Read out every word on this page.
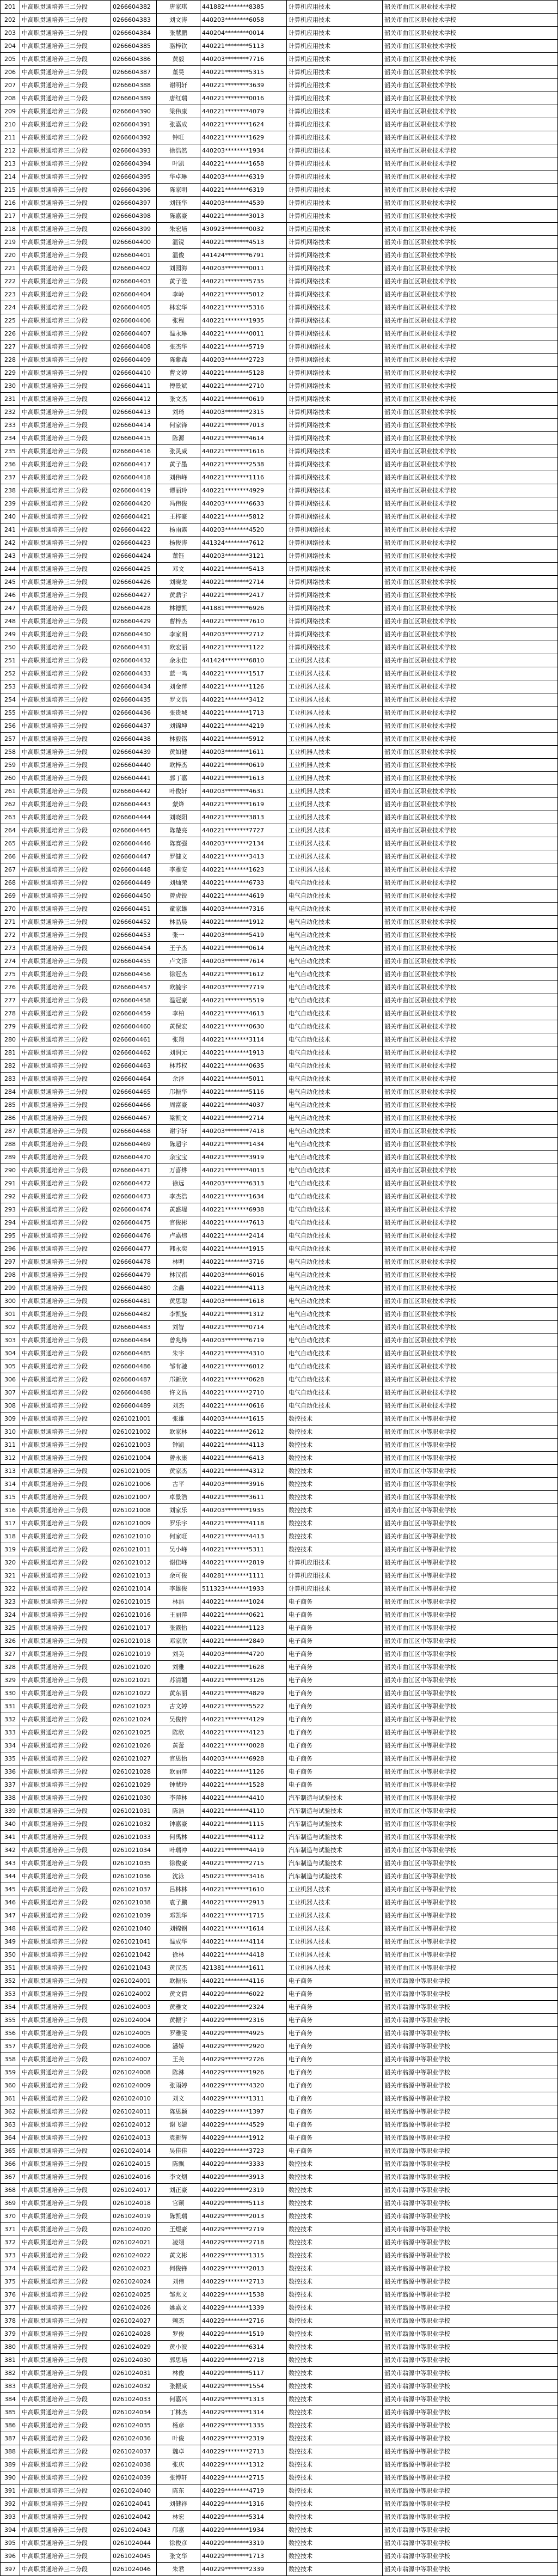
201	中高职贯通培养三二分段	0266604382	唐家琪	441882********8385	计算机应用技术	韶关市曲江区职业技术学校
202	中高职贯通培养三二分段	0266604383	刘文涛	440203********6058	计算机应用技术	韶关市曲江区职业技术学校
203	中高职贯通培养三二分段	0266604384	张慧鹏	440204********0014	计算机应用技术	韶关市曲江区职业技术学校
204	中高职贯通培养三二分段	0266604385	骆梓钦	440221********5113	计算机应用技术	韶关市曲江区职业技术学校
205	中高职贯通培养三二分段	0266604386	黄毅	440203********7716	计算机应用技术	韶关市曲江区职业技术学校
206	中高职贯通培养三二分段	0266604387	董昊	440221********5315	计算机应用技术	韶关市曲江区职业技术学校
207	中高职贯通培养三二分段	0266604388	谢明轩	440221********3639	计算机应用技术	韶关市曲江区职业技术学校
208	中高职贯通培养三二分段	0266604389	唐红瑞	440221********0016	计算机应用技术	韶关市曲江区职业技术学校
209	中高职贯通培养三二分段	0266604390	梁伟康	440221********4079	计算机应用技术	韶关市曲江区职业技术学校
210	中高职贯通培养三二分段	0266604391	张嘉成	440221********1624	计算机应用技术	韶关市曲江区职业技术学校
211	中高职贯通培养三二分段	0266604392	钟旺	440221********1629	计算机应用技术	韶关市曲江区职业技术学校
212	中高职贯通培养三二分段	0266604393	徐浩然	440203********1934	计算机应用技术	韶关市曲江区职业技术学校
213	中高职贯通培养三二分段	0266604394	叶凯	440221********1658	计算机应用技术	韶关市曲江区职业技术学校
214	中高职贯通培养三二分段	0266604395	华卓琳	440203********6319	计算机应用技术	韶关市曲江区职业技术学校
215	中高职贯通培养三二分段	0266604396	陈家明	440221********6319	计算机应用技术	韶关市曲江区职业技术学校
216	中高职贯通培养三二分段	0266604397	刘钰华	440203********4539	计算机应用技术	韶关市曲江区职业技术学校
217	中高职贯通培养三二分段	0266604398	陈嘉豪	440221********3013	计算机应用技术	韶关市曲江区职业技术学校
218	中高职贯通培养三二分段	0266604399	朱宏培	430923********0032	计算机应用技术	韶关市曲江区职业技术学校
219	中高职贯通培养三二分段	0266604400	温锐	440221********4513	计算机网络技术	韶关市曲江区职业技术学校
220	中高职贯通培养三二分段	0266604401	温俊	441424********6791	计算机网络技术	韶关市曲江区职业技术学校
221	中高职贯通培养三二分段	0266604402	刘园海	440203********0011	计算机网络技术	韶关市曲江区职业技术学校
222	中高职贯通培养三二分段	0266604403	黄子澄	440221********5735	计算机网络技术	韶关市曲江区职业技术学校
223	中高职贯通培养三二分段	0266604404	李岭	440221********5012	计算机网络技术	韶关市曲江区职业技术学校
224	中高职贯通培养三二分段	0266604405	林宏华	440221********5316	计算机网络技术	韶关市曲江区职业技术学校
225	中高职贯通培养三二分段	0266604406	张程	440221********1935	计算机网络技术	韶关市曲江区职业技术学校
226	中高职贯通培养三二分段	0266604407	温永琳	440221********0011	计算机网络技术	韶关市曲江区职业技术学校
227	中高职贯通培养三二分段	0266604408	张杰华	440221********5719	计算机网络技术	韶关市曲江区职业技术学校
228	中高职贯通培养三二分段	0266604409	陈紫森	440203********2723	计算机网络技术	韶关市曲江区职业技术学校
229	中高职贯通培养三二分段	0266604410	曹文婷	440221********5128	计算机网络技术	韶关市曲江区职业技术学校
230	中高职贯通培养三二分段	0266604411	傅景斌	440221********2710	计算机网络技术	韶关市曲江区职业技术学校
231	中高职贯通培养三二分段	0266604412	张文杰	440221********0619	计算机网络技术	韶关市曲江区职业技术学校
232	中高职贯通培养三二分段	0266604413	刘琦	440203********2315	计算机网络技术	韶关市曲江区职业技术学校
233	中高职贯通培养三二分段	0266604414	何家锋	440221********7013	计算机网络技术	韶关市曲江区职业技术学校
234	中高职贯通培养三二分段	0266604415	陈源	440221********4614	计算机网络技术	韶关市曲江区职业技术学校
235	中高职贯通培养三二分段	0266604416	张灵威	440221********1616	计算机网络技术	韶关市曲江区职业技术学校
236	中高职贯通培养三二分段	0266604417	黄子墨	440221********2538	计算机网络技术	韶关市曲江区职业技术学校
237	中高职贯通培养三二分段	0266604418	刘伟峰	440221********1116	计算机网络技术	韶关市曲江区职业技术学校
238	中高职贯通培养三二分段	0266604419	谭丽玲	440221********4929	计算机网络技术	韶关市曲江区职业技术学校
239	中高职贯通培养三二分段	0266604420	冯伟俊	440203********6633	计算机网络技术	韶关市曲江区职业技术学校
240	中高职贯通培养三二分段	0266604421	王梓豪	440221********5812	计算机网络技术	韶关市曲江区职业技术学校
241	中高职贯通培养三二分段	0266604422	杨雨露	440203********4520	计算机网络技术	韶关市曲江区职业技术学校
242	中高职贯通培养三二分段	0266604423	杨俊涛	441324********7612	计算机网络技术	韶关市曲江区职业技术学校
243	中高职贯通培养三二分段	0266604424	董钰	440203********3121	计算机网络技术	韶关市曲江区职业技术学校
244	中高职贯通培养三二分段	0266604425	邓文	440221********5413	计算机网络技术	韶关市曲江区职业技术学校
245	中高职贯通培养三二分段	0266604426	刘晓龙	440221********2714	计算机网络技术	韶关市曲江区职业技术学校
246	中高职贯通培养三二分段	0266604427	黄鼎宇	440221********2417	计算机网络技术	韶关市曲江区职业技术学校
247	中高职贯通培养三二分段	0266604428	林德凯	441881********6926	计算机网络技术	韶关市曲江区职业技术学校
248	中高职贯通培养三二分段	0266604429	曹梓杰	440221********7610	计算机网络技术	韶关市曲江区职业技术学校
249	中高职贯通培养三二分段	0266604430	李家朗	440203********2712	计算机网络技术	韶关市曲江区职业技术学校
250	中高职贯通培养三二分段	0266604431	欧宏丽	440221********1122	计算机网络技术	韶关市曲江区职业技术学校
251	中高职贯通培养三二分段	0266604432	余永佳	441424********6810	工业机器人技术	韶关市曲江区职业技术学校
252	中高职贯通培养三二分段	0266604433	蓝一鸣	440221********1517	工业机器人技术	韶关市曲江区职业技术学校
253	中高职贯通培养三二分段	0266604434	刘金萍	440221********1126	工业机器人技术	韶关市曲江区职业技术学校
254	中高职贯通培养三二分段	0266604435	罗文浩	440221********3412	工业机器人技术	韶关市曲江区职业技术学校
255	中高职贯通培养三二分段	0266604436	张贵城	440221********1713	工业机器人技术	韶关市曲江区职业技术学校
256	中高职贯通培养三二分段	0266604437	刘锦坤	440221********4219	工业机器人技术	韶关市曲江区职业技术学校
257	中高职贯通培养三二分段	0266604438	林毅铭	440221********5912	工业机器人技术	韶关市曲江区职业技术学校
258	中高职贯通培养三二分段	0266604439	黄如健	440203********1611	工业机器人技术	韶关市曲江区职业技术学校
259	中高职贯通培养三二分段	0266604440	欧梓杰	440221********0619	工业机器人技术	韶关市曲江区职业技术学校
260	中高职贯通培养三二分段	0266604441	郭丁嘉	440221********1613	工业机器人技术	韶关市曲江区职业技术学校
261	中高职贯通培养三二分段	0266604442	叶俊轩	440203********4631	工业机器人技术	韶关市曲江区职业技术学校
262	中高职贯通培养三二分段	0266604443	蒙烽	440221********1619	工业机器人技术	韶关市曲江区职业技术学校
263	中高职贯通培养三二分段	0266604444	刘晓阳	440221********3813	工业机器人技术	韶关市曲江区职业技术学校
264	中高职贯通培养三二分段	0266604445	陈楚亮	440221********7727	工业机器人技术	韶关市曲江区职业技术学校
265	中高职贯通培养三二分段	0266604446	陈赛强	440203********2134	工业机器人技术	韶关市曲江区职业技术学校
266	中高职贯通培养三二分段	0266604447	罗健文	440221********3413	工业机器人技术	韶关市曲江区职业技术学校
267	中高职贯通培养三二分段	0266604448	李雅安	440221********1623	工业机器人技术	韶关市曲江区职业技术学校
268	中高职贯通培养三二分段	0266604449	刘灿荣	440221********6733	电气自动化技术	韶关市曲江区职业技术学校
269	中高职贯通培养三二分段	0266604450	曾虎锐	440221********4619	电气自动化技术	韶关市曲江区职业技术学校
270	中高职贯通培养三二分段	0266604451	童家雄	440203********7316	电气自动化技术	韶关市曲江区职业技术学校
271	中高职贯通培养三二分段	0266604452	林晶晨	440221********1912	电气自动化技术	韶关市曲江区职业技术学校
272	中高职贯通培养三二分段	0266604453	张一	440203********5419	电气自动化技术	韶关市曲江区职业技术学校
273	中高职贯通培养三二分段	0266604454	王子杰	440221********0614	电气自动化技术	韶关市曲江区职业技术学校
274	中高职贯通培养三二分段	0266604455	卢文泽	440203********7614	电气自动化技术	韶关市曲江区职业技术学校
275	中高职贯通培养三二分段	0266604456	徐冠杰	440221********1612	电气自动化技术	韶关市曲江区职业技术学校
276	中高职贯通培养三二分段	0266604457	欧毓宇	440203********7719	电气自动化技术	韶关市曲江区职业技术学校
277	中高职贯通培养三二分段	0266604458	温冠豪	440221********5519	电气自动化技术	韶关市曲江区职业技术学校
278	中高职贯通培养三二分段	0266604459	李柏	440221********4613	电气自动化技术	韶关市曲江区职业技术学校
279	中高职贯通培养三二分段	0266604460	黄保宏	440221********0630	电气自动化技术	韶关市曲江区职业技术学校
280	中高职贯通培养三二分段	0266604461	张翔	440221********3114	电气自动化技术	韶关市曲江区职业技术学校
281	中高职贯通培养三二分段	0266604462	刘润元	440221********1913	电气自动化技术	韶关市曲江区职业技术学校
282	中高职贯通培养三二分段	0266604463	林苏权	440221********0635	电气自动化技术	韶关市曲江区职业技术学校
283	中高职贯通培养三二分段	0266604464	余泽	440221********5011	电气自动化技术	韶关市曲江区职业技术学校
284	中高职贯通培养三二分段	0266604465	邝振华	440221********5116	电气自动化技术	韶关市曲江区职业技术学校
285	中高职贯通培养三二分段	0266604466	周富豪	440221********4037	电气自动化技术	韶关市曲江区职业技术学校
286	中高职贯通培养三二分段	0266604467	梁凯文	440221********2714	电气自动化技术	韶关市曲江区职业技术学校
287	中高职贯通培养三二分段	0266604468	谢宇轩	440203********7418	电气自动化技术	韶关市曲江区职业技术学校
288	中高职贯通培养三二分段	0266604469	陈超宇	440221********1434	电气自动化技术	韶关市曲江区职业技术学校
289	中高职贯通培养三二分段	0266604470	余宝宝	440221********3919	电气自动化技术	韶关市曲江区职业技术学校
290	中高职贯通培养三二分段	0266604471	万喜烨	440221********4013	电气自动化技术	韶关市曲江区职业技术学校
291	中高职贯通培养三二分段	0266604472	徐远	440203********6313	电气自动化技术	韶关市曲江区职业技术学校
292	中高职贯通培养三二分段	0266604473	李杰浩	440221********1634	电气自动化技术	韶关市曲江区职业技术学校
293	中高职贯通培养三二分段	0266604474	黄盛堤	440221********6938	电气自动化技术	韶关市曲江区职业技术学校
294	中高职贯通培养三二分段	0266604475	官俊彬	440221********7613	电气自动化技术	韶关市曲江区职业技术学校
295	中高职贯通培养三二分段	0266604476	卢嘉炜	440221********2414	电气自动化技术	韶关市曲江区职业技术学校
296	中高职贯通培养三二分段	0266604477	韩永奕	440221********1915	电气自动化技术	韶关市曲江区职业技术学校
297	中高职贯通培养三二分段	0266604478	林明	440221********3716	电气自动化技术	韶关市曲江区职业技术学校
298	中高职贯通培养三二分段	0266604479	林汉祺	440203********6016	电气自动化技术	韶关市曲江区职业技术学校
299	中高职贯通培养三二分段	0266604480	余鑫	440221********4113	电气自动化技术	韶关市曲江区职业技术学校
300	中高职贯通培养三二分段	0266604481	黄思聪	440203********1618	电气自动化技术	韶关市曲江区职业技术学校
301	中高职贯通培养三二分段	0266604482	李凯旋	440221********1312	电气自动化技术	韶关市曲江区职业技术学校
302	中高职贯通培养三二分段	0266604483	刘智	440221********0714	电气自动化技术	韶关市曲江区职业技术学校
303	中高职贯通培养三二分段	0266604484	曾兆烽	440203********6719	电气自动化技术	韶关市曲江区职业技术学校
304	中高职贯通培养三二分段	0266604485	朱宇	440221********4310	电气自动化技术	韶关市曲江区职业技术学校
305	中高职贯通培养三二分段	0266604486	邹有驰	440221********6012	电气自动化技术	韶关市曲江区职业技术学校
306	中高职贯通培养三二分段	0266604487	邝新欣	440221********0628	电气自动化技术	韶关市曲江区职业技术学校
307	中高职贯通培养三二分段	0266604488	许文昌	440221********2710	电气自动化技术	韶关市曲江区职业技术学校
308	中高职贯通培养三二分段	0266604489	刘杰	440221********0616	电气自动化技术	韶关市曲江区职业技术学校
309	中高职贯通培养三二分段	0261021001	张雄	440203********1615	数控技术	韶关市曲江区中等职业学校
310	中高职贯通培养三二分段	0261021002	欧家林	440221********2612	数控技术	韶关市曲江区中等职业学校
311	中高职贯通培养三二分段	0261021003	钟凯	440221********4113	数控技术	韶关市曲江区中等职业学校
312	中高职贯通培养三二分段	0261021004	曾永康	440221********6413	数控技术	韶关市曲江区中等职业学校
313	中高职贯通培养三二分段	0261021005	黄家杰	440221********4312	数控技术	韶关市曲江区中等职业学校
314	中高职贯通培养三二分段	0261021006	古平	440203********3916	数控技术	韶关市曲江区中等职业学校
315	中高职贯通培养三二分段	0261021007	卓景浩	440221********3611	数控技术	韶关市曲江区中等职业学校
316	中高职贯通培养三二分段	0261021008	刘家乐	440203********1935	数控技术	韶关市曲江区中等职业学校
317	中高职贯通培养三二分段	0261021009	罗乐宇	440221********4118	数控技术	韶关市曲江区中等职业学校
318	中高职贯通培养三二分段	0261021010	何家旺	440221********4413	数控技术	韶关市曲江区中等职业学校
319	中高职贯通培养三二分段	0261021011	吴小峰	440221********5311	数控技术	韶关市曲江区中等职业学校
320	中高职贯通培养三二分段	0261021012	谢佳峰	440221********2819	计算机应用技术	韶关市曲江区中等职业学校
321	中高职贯通培养三二分段	0261021013	余可俊	440281********1111	计算机应用技术	韶关市曲江区中等职业学校
322	中高职贯通培养三二分段	0261021014	李雄俊	511323********1933	计算机应用技术	韶关市曲江区中等职业学校
323	中高职贯通培养三二分段	0261021015	林浩	440221********1024	电子商务	韶关市曲江区中等职业学校
324	中高职贯通培养三二分段	0261021016	王丽萍	440221********0621	电子商务	韶关市曲江区中等职业学校
325	中高职贯通培养三二分段	0261021017	张露怡	440221********1123	电子商务	韶关市曲江区中等职业学校
326	中高职贯通培养三二分段	0261021018	邓家欣	440221********2849	电子商务	韶关市曲江区中等职业学校
327	中高职贯通培养三二分段	0261021019	刘美	440203********4720	电子商务	韶关市曲江区中等职业学校
328	中高职贯通培养三二分段	0261021020	刘雅	440221********1628	电子商务	韶关市曲江区中等职业学校
329	中高职贯通培养三二分段	0261021021	苏清媚	440221********3126	电子商务	韶关市曲江区中等职业学校
330	中高职贯通培养三二分段	0261021022	黄东丽	440221********4829	电子商务	韶关市曲江区中等职业学校
331	中高职贯通培养三二分段	0261021023	古文婷	440221********5522	电子商务	韶关市曲江区中等职业学校
332	中高职贯通培养三二分段	0261021024	吴俊梓	440221********4129	电子商务	韶关市曲江区中等职业学校
333	中高职贯通培养三二分段	0261021025	陈欣	440221********4123	电子商务	韶关市曲江区中等职业学校
334	中高职贯通培养三二分段	0261021026	黄蕾	440221********0028	电子商务	韶关市曲江区中等职业学校
335	中高职贯通培养三二分段	0261021027	官思怡	440203********6928	电子商务	韶关市曲江区中等职业学校
336	中高职贯通培养三二分段	0261021028	欧丽萍	440221********1126	电子商务	韶关市曲江区中等职业学校
337	中高职贯通培养三二分段	0261021029	钟慧玲	440221********1528	电子商务	韶关市曲江区中等职业学校
338	中高职贯通培养三二分段	0261021030	李萍林	440221********4410	汽车制造与试验技术	韶关市曲江区中等职业学校
339	中高职贯通培养三二分段	0261021031	陈浩	440221********4110	汽车制造与试验技术	韶关市曲江区中等职业学校
340	中高职贯通培养三二分段	0261021032	钟嘉豪	440221********1115	汽车制造与试验技术	韶关市曲江区中等职业学校
341	中高职贯通培养三二分段	0261021033	何禹林	440221********4112	汽车制造与试验技术	韶关市曲江区中等职业学校
342	中高职贯通培养三二分段	0261021034	叶瑞冲	440221********4419	汽车制造与试验技术	韶关市曲江区中等职业学校
343	中高职贯通培养三二分段	0261021035	徐俊豪	440221********2715	汽车制造与试验技术	韶关市曲江区中等职业学校
344	中高职贯通培养三二分段	0261021036	沈泳	450221********3416	汽车制造与试验技术	韶关市曲江区中等职业学校
345	中高职贯通培养三二分段	0261021037	吕林林	440221********1610	工业机器人技术	韶关市曲江区中等职业学校
346	中高职贯通培养三二分段	0261021038	袁子鹏	440221********2913	工业机器人技术	韶关市曲江区中等职业学校
347	中高职贯通培养三二分段	0261021039	邓凯华	440221********1715	工业机器人技术	韶关市曲江区中等职业学校
348	中高职贯通培养三二分段	0261021040	刘锦钢	440221********1614	工业机器人技术	韶关市曲江区中等职业学校
349	中高职贯通培养三二分段	0261021041	温成华	440221********4114	工业机器人技术	韶关市曲江区中等职业学校
350	中高职贯通培养三二分段	0261021042	徐林	440221********4418	工业机器人技术	韶关市曲江区中等职业学校
351	中高职贯通培养三二分段	0261021043	黄汉杰	421381********1611	工业机器人技术	韶关市曲江区中等职业学校
352	中高职贯通培养三二分段	0261024001	欧振乐	440221********4116	电子商务	韶关市翁源中等职业学校
353	中高职贯通培养三二分段	0261024002	黄文倩	440229********6022	电子商务	韶关市翁源中等职业学校
354	中高职贯通培养三二分段	0261024003	黄雅文	440229********2324	电子商务	韶关市翁源中等职业学校
355	中高职贯通培养三二分段	0261024004	黄振宇	440229********2316	电子商务	韶关市翁源中等职业学校
356	中高职贯通培养三二分段	0261024005	罗雅雯	440229********4925	电子商务	韶关市翁源中等职业学校
357	中高职贯通培养三二分段	0261024006	潘娇	440229********2920	电子商务	韶关市翁源中等职业学校
358	中高职贯通培养三二分段	0261024007	王美	440229********2726	电子商务	韶关市翁源中等职业学校
359	中高职贯通培养三二分段	0261024008	陈淋	440229********1926	电子商务	韶关市翁源中等职业学校
360	中高职贯通培养三二分段	0261024009	张雨婷	440229********4320	电子商务	韶关市翁源中等职业学校
361	中高职贯通培养三二分段	0261024010	刘文	440229********1311	电子商务	韶关市翁源中等职业学校
362	中高职贯通培养三二分段	0261024011	陈思颖	440229********1397	电子商务	韶关市翁源中等职业学校
363	中高职贯通培养三二分段	0261024012	谢飞婕	440229********4529	电子商务	韶关市翁源中等职业学校
364	中高职贯通培养三二分段	0261024013	袁新辉	440229********1912	电子商务	韶关市翁源中等职业学校
365	中高职贯通培养三二分段	0261024014	吴佳佳	440229********3723	电子商务	韶关市翁源中等职业学校
366	中高职贯通培养三二分段	0261024015	陈飘	440229********3333	数控技术	韶关市翁源中等职业学校
367	中高职贯通培养三二分段	0261024016	李文烟	440229********3913	数控技术	韶关市翁源中等职业学校
368	中高职贯通培养三二分段	0261024017	刘正豪	440229********2319	数控技术	韶关市翁源中等职业学校
369	中高职贯通培养三二分段	0261024018	官颖	440229********5113	数控技术	韶关市翁源中等职业学校
370	中高职贯通培养三二分段	0261024019	陈凯瑞	440229********2013	数控技术	韶关市翁源中等职业学校
371	中高职贯通培养三二分段	0261024020	王煜豪	440229********2719	数控技术	韶关市翁源中等职业学校
372	中高职贯通培养三二分段	0261024021	凌翊	440229********2718	数控技术	韶关市翁源中等职业学校
373	中高职贯通培养三二分段	0261024022	黄文彬	440229********1315	数控技术	韶关市翁源中等职业学校
374	中高职贯通培养三二分段	0261024023	何俊锋	440229********2013	数控技术	韶关市翁源中等职业学校
375	中高职贯通培养三二分段	0261024024	刘伟	440229********2713	数控技术	韶关市翁源中等职业学校
376	中高职贯通培养三二分段	0261024025	邹兆文	440229********1538	数控技术	韶关市翁源中等职业学校
377	中高职贯通培养三二分段	0261024026	姚嘉文	440229********1339	数控技术	韶关市翁源中等职业学校
378	中高职贯通培养三二分段	0261024027	赖杰	440229********2716	数控技术	韶关市翁源中等职业学校
379	中高职贯通培养三二分段	0261024028	罗俊	440229********1519	数控技术	韶关市翁源中等职业学校
380	中高职贯通培养三二分段	0261024029	黄小波	440229********6314	数控技术	韶关市翁源中等职业学校
381	中高职贯通培养三二分段	0261024030	郭思培	440229********2718	数控技术	韶关市翁源中等职业学校
382	中高职贯通培养三二分段	0261024031	林俊	440229********5117	数控技术	韶关市翁源中等职业学校
383	中高职贯通培养三二分段	0261024032	张振威	440229********1554	数控技术	韶关市翁源中等职业学校
384	中高职贯通培养三二分段	0261024033	何嘉兴	440229********1313	数控技术	韶关市翁源中等职业学校
385	中高职贯通培养三二分段	0261024034	丁林杰	440229********1314	数控技术	韶关市翁源中等职业学校
386	中高职贯通培养三二分段	0261024035	杨彦	440229********1335	数控技术	韶关市翁源中等职业学校
387	中高职贯通培养三二分段	0261024036	叶俊	440229********2319	数控技术	韶关市翁源中等职业学校
388	中高职贯通培养三二分段	0261024037	魏卓	440229********2713	数控技术	韶关市翁源中等职业学校
389	中高职贯通培养三二分段	0261024038	张庆	440229********1312	数控技术	韶关市翁源中等职业学校
390	中高职贯通培养三二分段	0261024039	张博轩	440229********2715	数控技术	韶关市翁源中等职业学校
391	中高职贯通培养三二分段	0261024040	陈东	440229********4719	数控技术	韶关市翁源中等职业学校
392	中高职贯通培养三二分段	0261024041	刘健祥	440229********1316	数控技术	韶关市翁源中等职业学校
393	中高职贯通培养三二分段	0261024042	林宏	440229********5314	数控技术	韶关市翁源中等职业学校
394	中高职贯通培养三二分段	0261024043	邝嘉	440229********1934	数控技术	韶关市翁源中等职业学校
395	中高职贯通培养三二分段	0261024044	徐俊彦	440229********3319	数控技术	韶关市翁源中等职业学校
396	中高职贯通培养三二分段	0261024045	张文华	440229********1713	数控技术	韶关市翁源中等职业学校
397	中高职贯通培养三二分段	0261024046	朱君	440229********2339	数控技术	韶关市翁源中等职业学校
